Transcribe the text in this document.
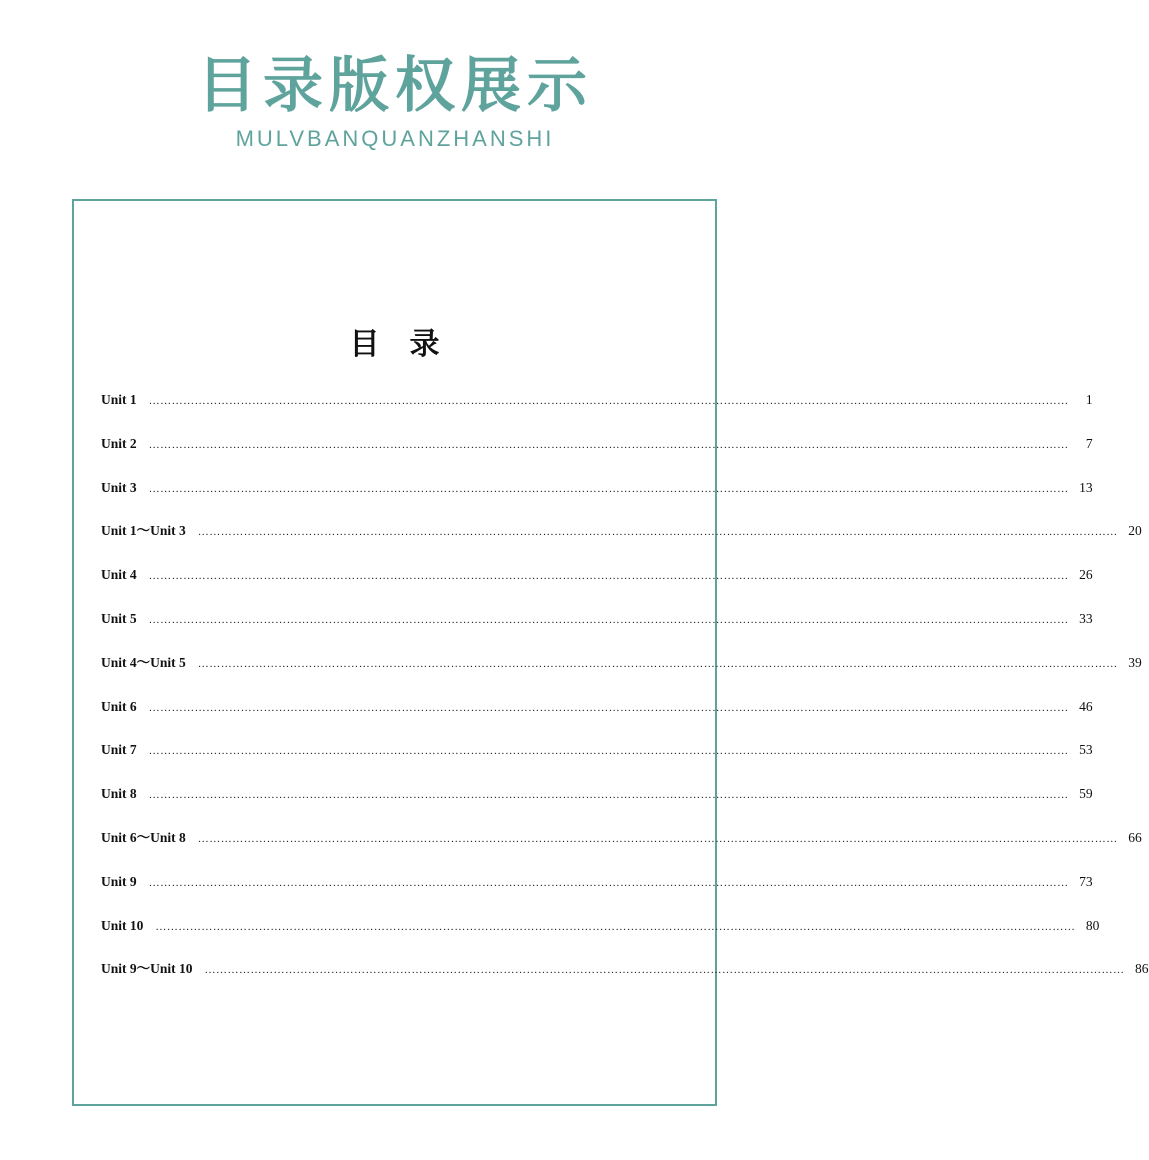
目录版权展示
MULVBANQUANZHANSHI
目　录
Unit 1 ……………………………………………………………………………………………………………………………………………………………………………………………………………………	1
Unit 2 ……………………………………………………………………………………………………………………………………………………………………………………………………………………	7
Unit 3 …………………………………………………………………………………………………………………………………………………………………………………………………………………… 13
Unit 1～Unit 3 …………………………………………………………………………………………………………………………………………………………………………………………………………………… 20
Unit 4 …………………………………………………………………………………………………………………………………………………………………………………………………………………… 26
Unit 5 …………………………………………………………………………………………………………………………………………………………………………………………………………………… 33
Unit 4～Unit 5 …………………………………………………………………………………………………………………………………………………………………………………………………………………… 39
Unit 6 …………………………………………………………………………………………………………………………………………………………………………………………………………………… 46
Unit 7 …………………………………………………………………………………………………………………………………………………………………………………………………………………… 53
Unit 8 …………………………………………………………………………………………………………………………………………………………………………………………………………………… 59
Unit 6～Unit 8 …………………………………………………………………………………………………………………………………………………………………………………………………………………… 66
Unit 9 …………………………………………………………………………………………………………………………………………………………………………………………………………………… 73
Unit 10 …………………………………………………………………………………………………………………………………………………………………………………………………………………… 80
Unit 9～Unit 10 …………………………………………………………………………………………………………………………………………………………………………………………………………………… 86
